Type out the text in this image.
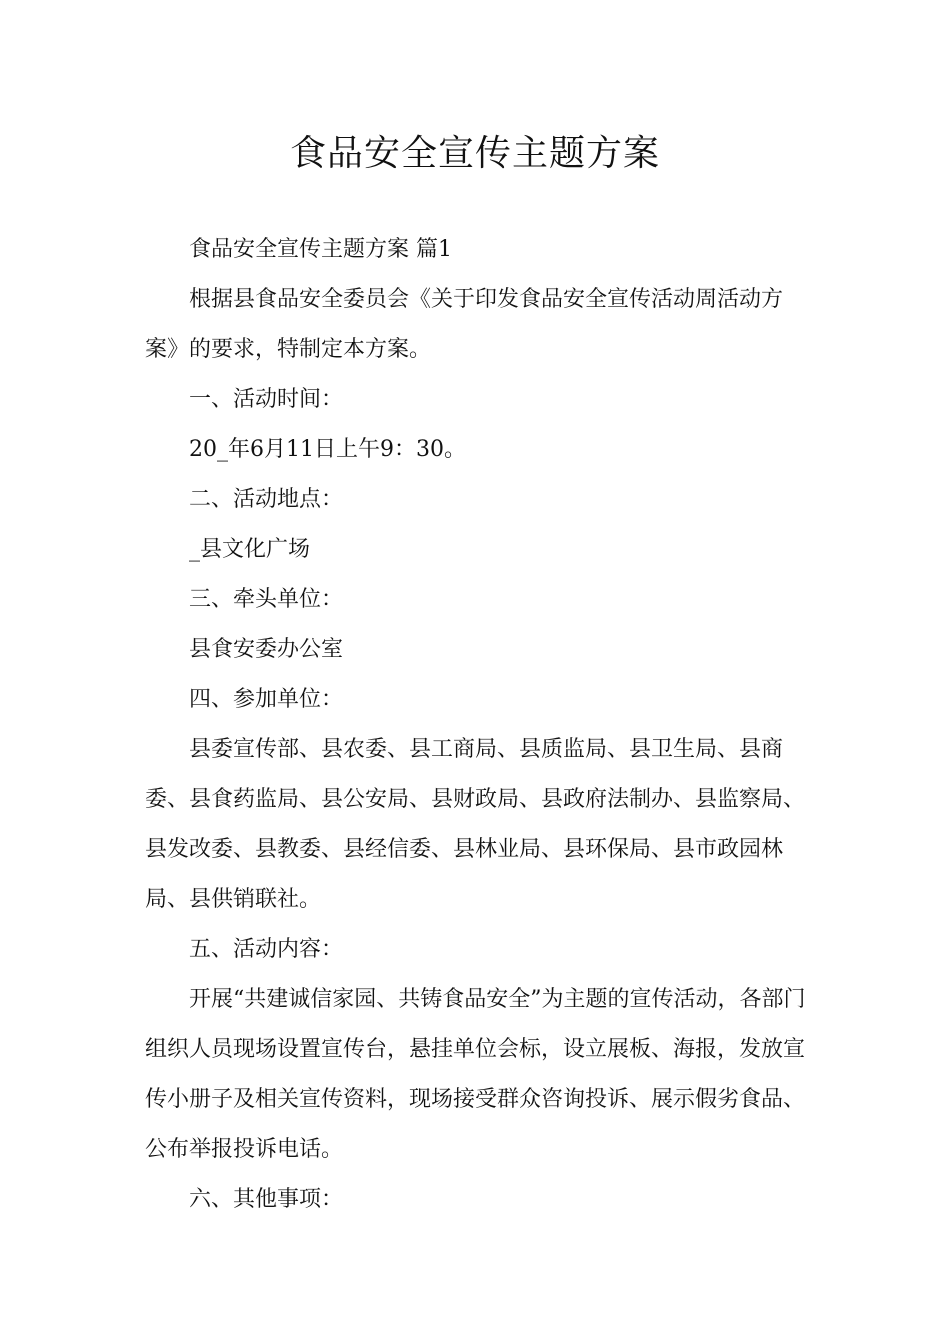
食品安全宣传主题方案

食品安全宣传主题方案 篇1

根据县食品安全委员会《关于印发食品安全宣传活动周活动方案》的要求，特制定本方案。

一、活动时间：

20_年6月11日上午9：30。

二、活动地点：

_县文化广场

三、牵头单位：

县食安委办公室

四、参加单位：

县委宣传部、县农委、县工商局、县质监局、县卫生局、县商委、县食药监局、县公安局、县财政局、县政府法制办、县监察局、县发改委、县教委、县经信委、县林业局、县环保局、县市政园林局、县供销联社。

五、活动内容：

开展“共建诚信家园、共铸食品安全”为主题的宣传活动，各部门组织人员现场设置宣传台，悬挂单位会标，设立展板、海报，发放宣传小册子及相关宣传资料，现场接受群众咨询投诉、展示假劣食品、公布举报投诉电话。

六、其他事项：
